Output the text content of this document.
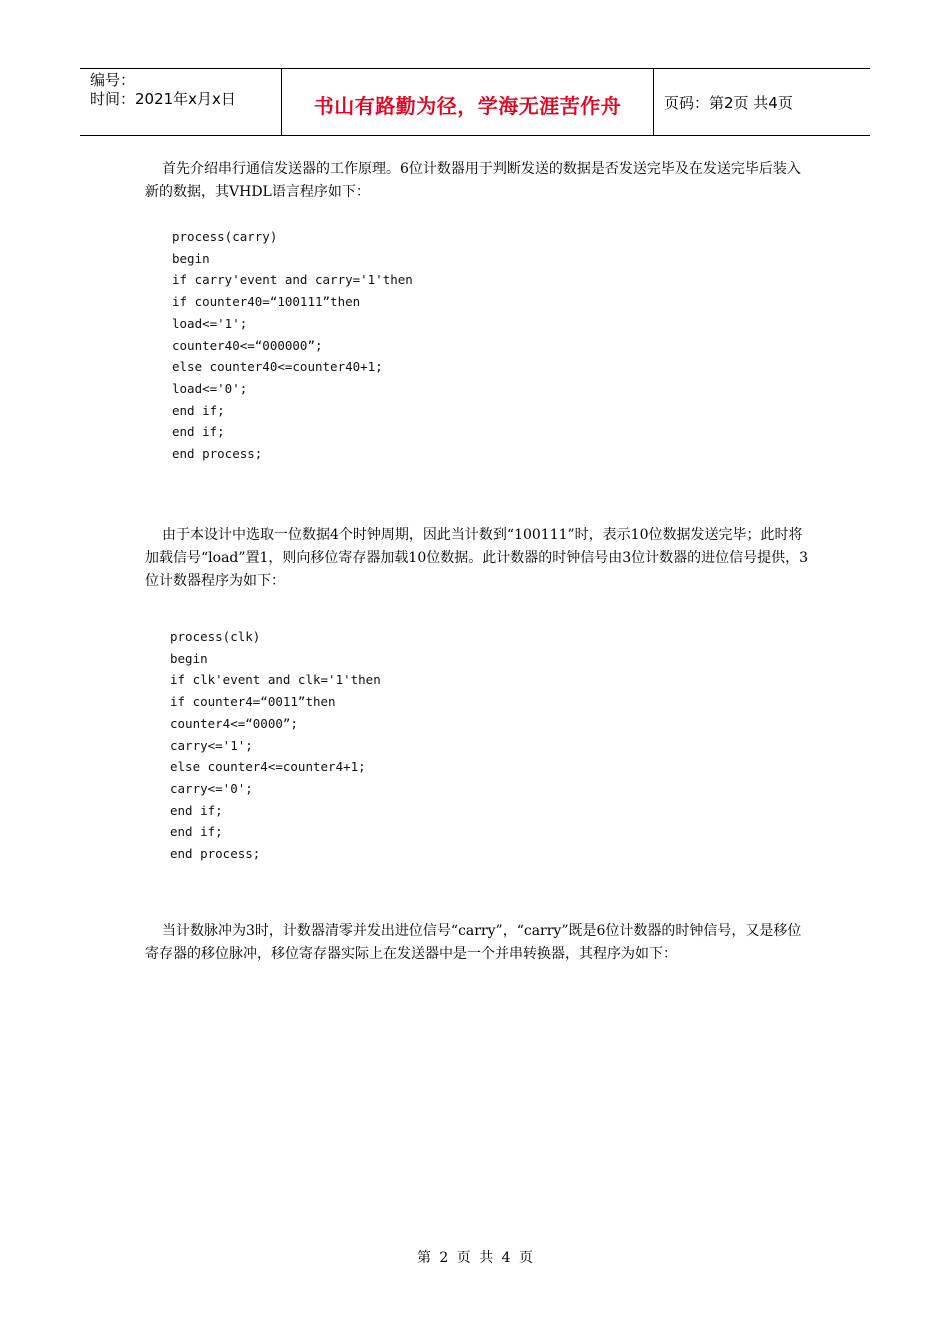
编号：
时间：2021年x月x日	书山有路勤为径，学海无涯苦作舟	页码：第2页 共4页

首先介绍串行通信发送器的工作原理。6位计数器用于判断发送的数据是否发送完毕及在发送完毕后装入新的数据，其VHDL语言程序如下：

process(carry)
begin
if carry'event and carry='1'then
if counter40=“100111”then
load<='1';
counter40<=“000000”;
else counter40<=counter40+1;
load<='0';
end if;
end if;
end process;

由于本设计中选取一位数据4个时钟周期，因此当计数到“100111”时，表示10位数据发送完毕；此时将加载信号“load”置1，则向移位寄存器加载10位数据。此计数器的时钟信号由3位计数器的进位信号提供，3位计数器程序为如下：

process(clk)
begin
if clk'event and clk='1'then
if counter4=“0011”then
counter4<=“0000”;
carry<='1';
else counter4<=counter4+1;
carry<='0';
end if;
end if;
end process;

当计数脉冲为3时，计数器清零并发出进位信号“carry”，“carry”既是6位计数器的时钟信号，又是移位寄存器的移位脉冲，移位寄存器实际上在发送器中是一个并串转换器，其程序为如下：

第 2 页 共 4 页
